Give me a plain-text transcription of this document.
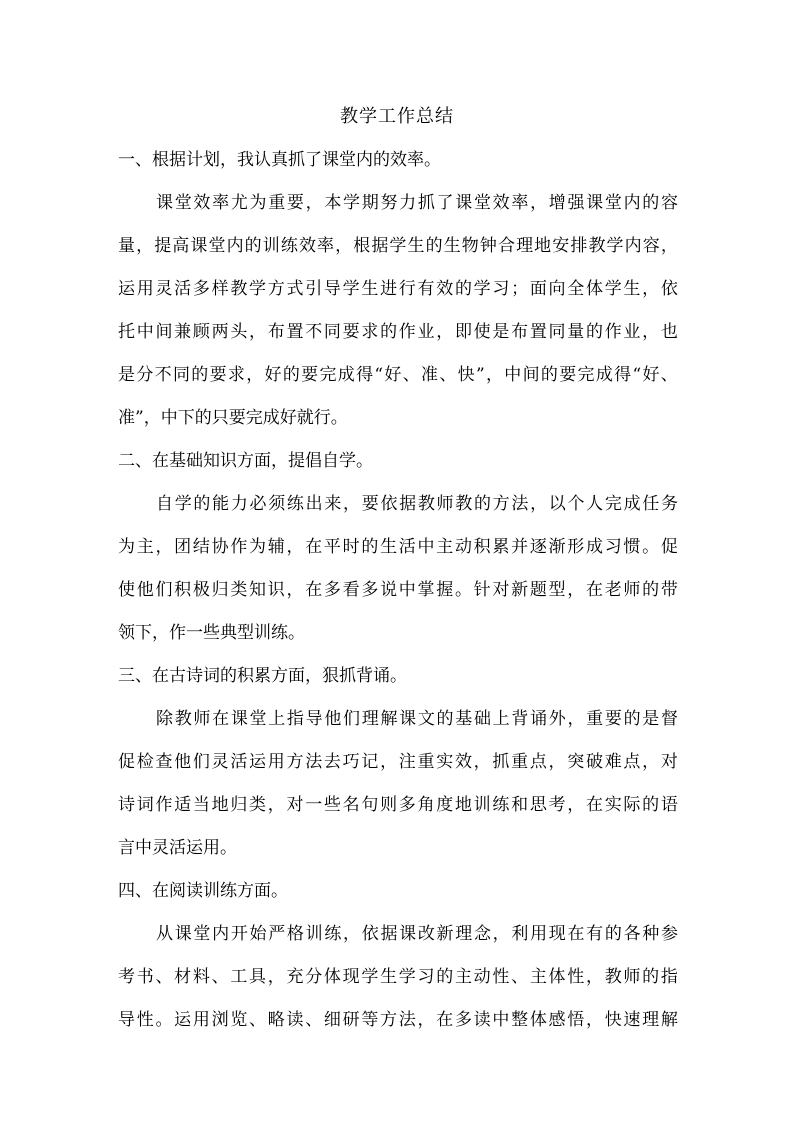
教学工作总结
一、根据计划，我认真抓了课堂内的效率。
课 堂 效 率 尤 为 重 要 ， 本 学 期 努 力 抓 了 课 堂 效 率 ， 增 强 课 堂 内 的 容
量 ， 提 高 课 堂 内 的 训 练 效 率 ， 根 据 学 生 的 生 物 钟 合 理 地 安 排 教 学 内 容 ，
运 用 灵 活 多 样 教 学 方 式 引 导 学 生 进 行 有 效 的 学 习 ； 面 向 全 体 学 生 ， 依
托 中 间 兼 顾 两 头 ， 布 置 不 同 要 求 的 作 业 ， 即 使 是 布 置 同 量 的 作 业 ， 也
是 分 不 同 的 要 求 ， 好 的 要 完 成 得 “ 好 、 准 、 快 ” ， 中 间 的 要 完 成 得 “ 好 、
准”，中下的只要完成好就行。
二、在基础知识方面，提倡自学。
自 学 的 能 力 必 须 练 出 来 ， 要 依 据 教 师 教 的 方 法 ， 以 个 人 完 成 任 务
为 主 ， 团 结 协 作 为 辅 ， 在 平 时 的 生 活 中 主 动 积 累 并 逐 渐 形 成 习 惯 。 促
使 他 们 积 极 归 类 知 识 ， 在 多 看 多 说 中 掌 握 。 针 对 新 题 型 ， 在 老 师 的 带
领下，作一些典型训练。
三、在古诗词的积累方面，狠抓背诵。
除 教 师 在 课 堂 上 指 导 他 们 理 解 课 文 的 基 础 上 背 诵 外 ， 重 要 的 是 督
促 检 查 他 们 灵 活 运 用 方 法 去 巧 记 ， 注 重 实 效 ， 抓 重 点 ， 突 破 难 点 ， 对
诗 词 作 适 当 地 归 类 ， 对 一 些 名 句 则 多 角 度 地 训 练 和 思 考 ， 在 实 际 的 语
言中灵活运用。
四、在阅读训练方面。
从 课 堂 内 开 始 严 格 训 练 ， 依 据 课 改 新 理 念 ， 利 用 现 在 有 的 各 种 参
考 书 、 材 料 、 工 具 ， 充 分 体 现 学 生 学 习 的 主 动 性 、 主 体 性 ， 教 师 的 指
导 性 。 运 用 浏 览 、 略 读 、 细 研 等 方 法 ， 在 多 读 中 整 体 感 悟 ， 快 速 理 解
